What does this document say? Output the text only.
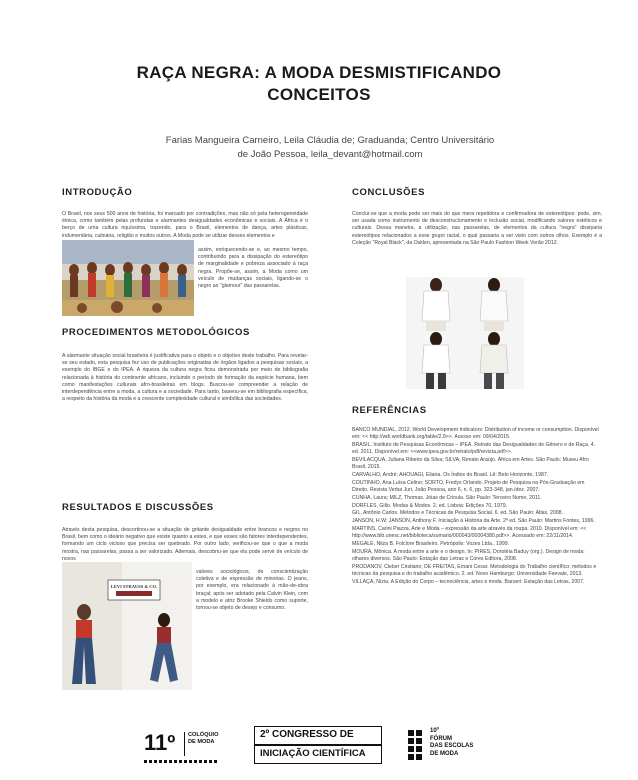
RAÇA NEGRA: A MODA DESMISTIFICANDO
CONCEITOS
Farias Mangueira Carneiro, Leila Cláudia de; Graduanda; Centro Universitário
de João Pessoa, leila_devant@hotmail.com
INTRODUÇÃO
O Brasil, nos seus 500 anos de história, foi marcado por contradições, mas não só pela heterogeneidade étnica, como também pelas profundas e alarmantes desigualdades econômicas e sociais. A África é o berço de uma cultura riquíssima, trazendo, para o Brasil, elementos de dança, artes plásticas, indumentária, culinária, religião e muitos outros. A Moda pode se utilizar desses elementos e
assim, enriquecendo-se e, ao mesmo tempo, contribuindo para a dissipação do estereótipo de marginalidade e pobreza associado à raça negra. Propõe-se, assim, a Moda como um veículo de mudanças sociais, ligando-se o negro ao "glamour" das passarelas.
PROCEDIMENTOS METODOLÓGICOS
A alarmante situação social brasileira é justificativa para o objeto e o objetivo deste trabalho. Para revelar-se seu estado, esta pesquisa fez uso de publicações originadas de órgãos ligados a pesquisas sociais, a exemplo do IBGE e do IPEA. A riqueza da cultura negra ficou demonstrada por meio de bibliografia relacionada à história do continente africano, incluindo o período de formação da espécie humana, bem como manifestações culturais afro-brasileiras em blogs. Buscou-se compreender a relação de interdependência entre a moda, a cultura e a sociedade. Para tanto, baseou-se em bibliografia específica, a respeito da história da moda e a crescente complexidade cultural e simbólica das sociedades.
RESULTADOS E DISCUSSÕES
Através desta pesquisa, descortinou-se a situação de gritante desigualdade entre brancos e negros no Brasil, bem como o ideário negativo que existe quanto a estes, e que esses são fatores interdependentes, formando um ciclo vicioso que precisa ser quebrado. Por outro lado, verificou-se que o que a moda mostra, nas passarelas, passa a ser valorizado. Ademais, descobriu-se que ela pode servir de veículo de novos
LEVI STRAUSS & CO.
valores sociológicos, de conscientização coletiva e de expressão de minorias. O jeans, por exemplo, era relacionado à mão-de-obra braçal; após ser adotado pela Calvin Klein, com a modelo e atriz Brooke Shields como suporte, tornou-se objeto de desejo e consumo.
CONCLUSÕES
Conclui-se que a moda pode ser mais do que mera repetidora e confirmadora de estereótipos: pode, sim, ser usada como instrumento de desconstrucionamento e inclusão social, modificando valores estéticos e culturais. Dessa maneira, a utilização, nas passarelas, de elementos da cultura "negra" dissiparia estereótipos relacionados a esse grupo racial, o qual passaria a ser visto com outros olhos. Exemplo é a Coleção "Royal Black", da Osklen, apresentada na São Paulo Fashion Week Verão 2012.
REFERÊNCIAS
BANCO MUNDIAL, 2012. World Development Indicators: Distribution of income or consumption. Disponível em: << http://wdi.worldbank.org/table/2.9>>. Acesso em: 09/04/2015.
BRASIL. Instituto de Pesquisas Econômicas – IPEA. Retrato das Desigualdades de Gênero e de Raça. 4. ed. 2011. Disponível em: <<www.ipea.gov.br/retrato/pdf/revista.pdf>>.
BEVILACQUA, Juliana Ribeiro da Silva; SILVA, Renato Araújo. África em Artes. São Paulo: Museu Afro Brasil, 2015.
CARVALHO, André; AHOUAGI, Eliana. Os Índios do Brasil. Lê: Belo Horizonte, 1987.
COUTINHO, Ana Luísa Celino; SORTO, Fredys Orlando. Projeto de Pesquisa na Pós-Graduação em Direito. Revista Verba Juri, João Pessoa, ano 6, n. 6, pp. 323-348, jan./dez. 2007.
CUNHA, Laura; MILZ, Thomas. Jóias de Crioula. São Paulo: Terceiro Nome, 2011.
DORFLES, Gillo. Modas & Modos. 2. ed. Lisboa: Edições 70, 1979.
GIL, Antônio Carlos. Métodos e Técnicas de Pesquisa Social. 6. ed. São Paulo: Atlas, 2008.
JANSON, H.W; JANSON, Anthony F. Iniciação à História da Arte. 2ª ed. São Paulo: Martins Fontes, 1996.
MARTINS, Carini Piazza. Arte e Moda – expressão da arte através da roupa. 2010. Disponível em: << http://www.bib.unesc.net/biblioteca/sumario/000043/00004380.pdf>>. Acessado em: 22/11/2014.
MEGALE, Nilza B. Folclore Brasileiro. Petrópolis: Vozes Ltda., 1999.
MOURA, Mônica. A moda entre a arte e o design. In: PIRES, Dorotéia Baduy (org.). Design de moda: olhares diversos. São Paulo: Estação das Letras e Cores Editora, 2008.
PRODANOV, Cleber Cristiano; DE FREITAS, Ernani Cesar. Metodologia do Trabalho científico: métodos e técnicas da pesquisa e do trabalho acadêmico. 2. ed. Novo Hamburgo: Universidade Feevale, 2013.
VILLAÇA, Nízia. A Edição do Corpo – tecnociência, artes e moda. Barueri: Estação das Letras, 2007.
11º COLÓQUIO
DE MODA
2º CONGRESSO DE
INICIAÇÃO CIENTÍFICA
10º
FÓRUM
DAS ESCOLAS
DE MODA
